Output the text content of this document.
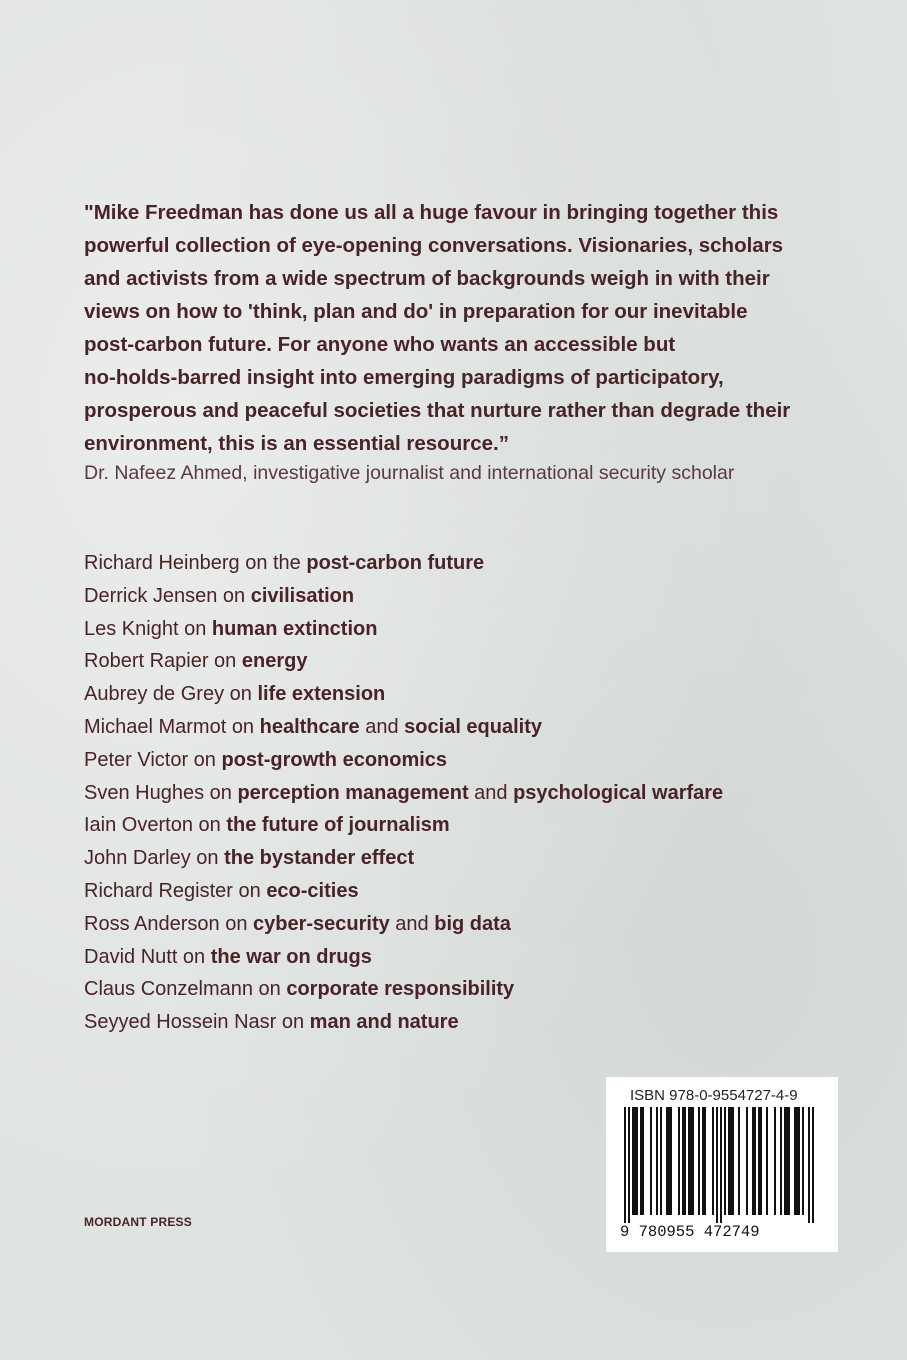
"Mike Freedman has done us all a huge favour in bringing together this
powerful collection of eye-opening conversations. Visionaries, scholars
and activists from a wide spectrum of backgrounds weigh in with their
views on how to 'think, plan and do' in preparation for our inevitable
post-carbon future. For anyone who wants an accessible but
no-holds-barred insight into emerging paradigms of participatory,
prosperous and peaceful societies that nurture rather than degrade their
environment, this is an essential resource.”

Dr. Nafeez Ahmed, investigative journalist and international security scholar
Richard Heinberg on the post-carbon future
Derrick Jensen on civilisation
Les Knight on human extinction
Robert Rapier on energy
Aubrey de Grey on life extension
Michael Marmot on healthcare and social equality
Peter Victor on post-growth economics
Sven Hughes on perception management and psychological warfare
Iain Overton on the future of journalism
John Darley on the bystander effect
Richard Register on eco-cities
Ross Anderson on cyber-security and big data
David Nutt on the war on drugs
Claus Conzelmann on corporate responsibility
Seyyed Hossein Nasr on man and nature
MORDANT PRESS
ISBN 978-0-9554727-4-9
9 780955 472749
